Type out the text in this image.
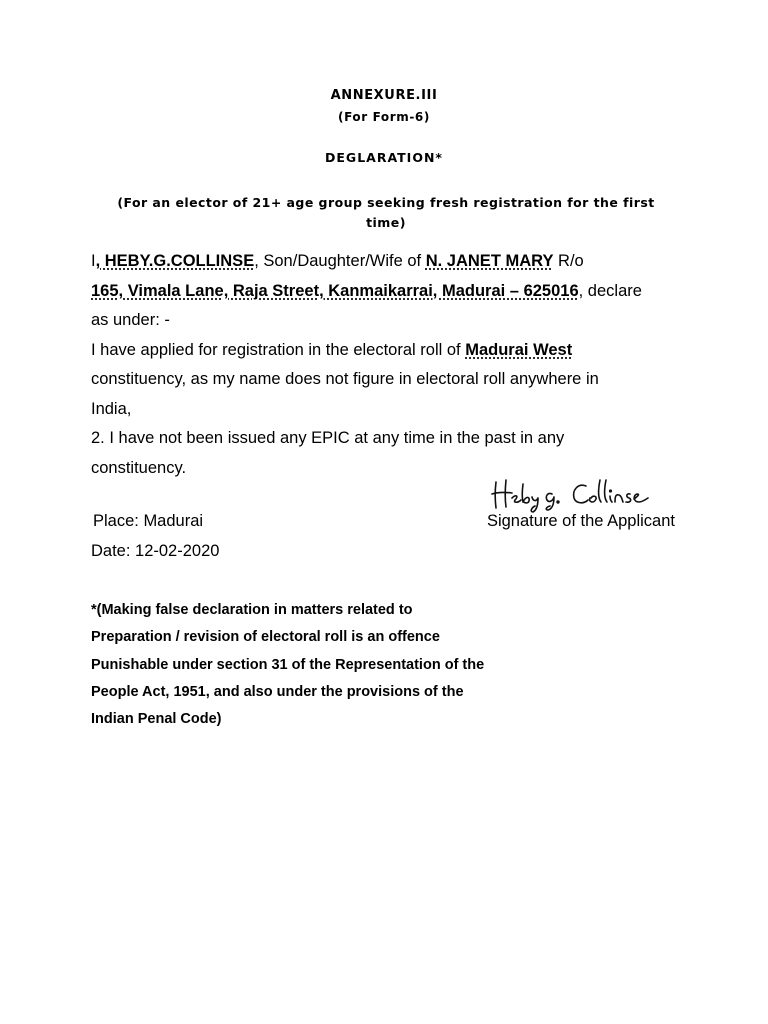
ANNEXURE.III
(For Form-6)
DEGLARATION*
(For an elector of 21+ age group seeking fresh registration for the first
time)
I, HEBY.G.COLLINSE, Son/Daughter/Wife of N. JANET MARY R/o
165, Vimala Lane, Raja Street, Kanmaikarrai, Madurai – 625016, declare
as under: -
I have applied for registration in the electoral roll of Madurai West
constituency, as my name does not figure in electoral roll anywhere in
India,
2. I have not been issued any EPIC at any time in the past in any
constituency.
Place: Madurai	Signature of the Applicant
Date: 12-02-2020
*(Making false declaration in matters related to
Preparation / revision of electoral roll is an offence
Punishable under section 31 of the Representation of the
People Act, 1951, and also under the provisions of the
Indian Penal Code)
